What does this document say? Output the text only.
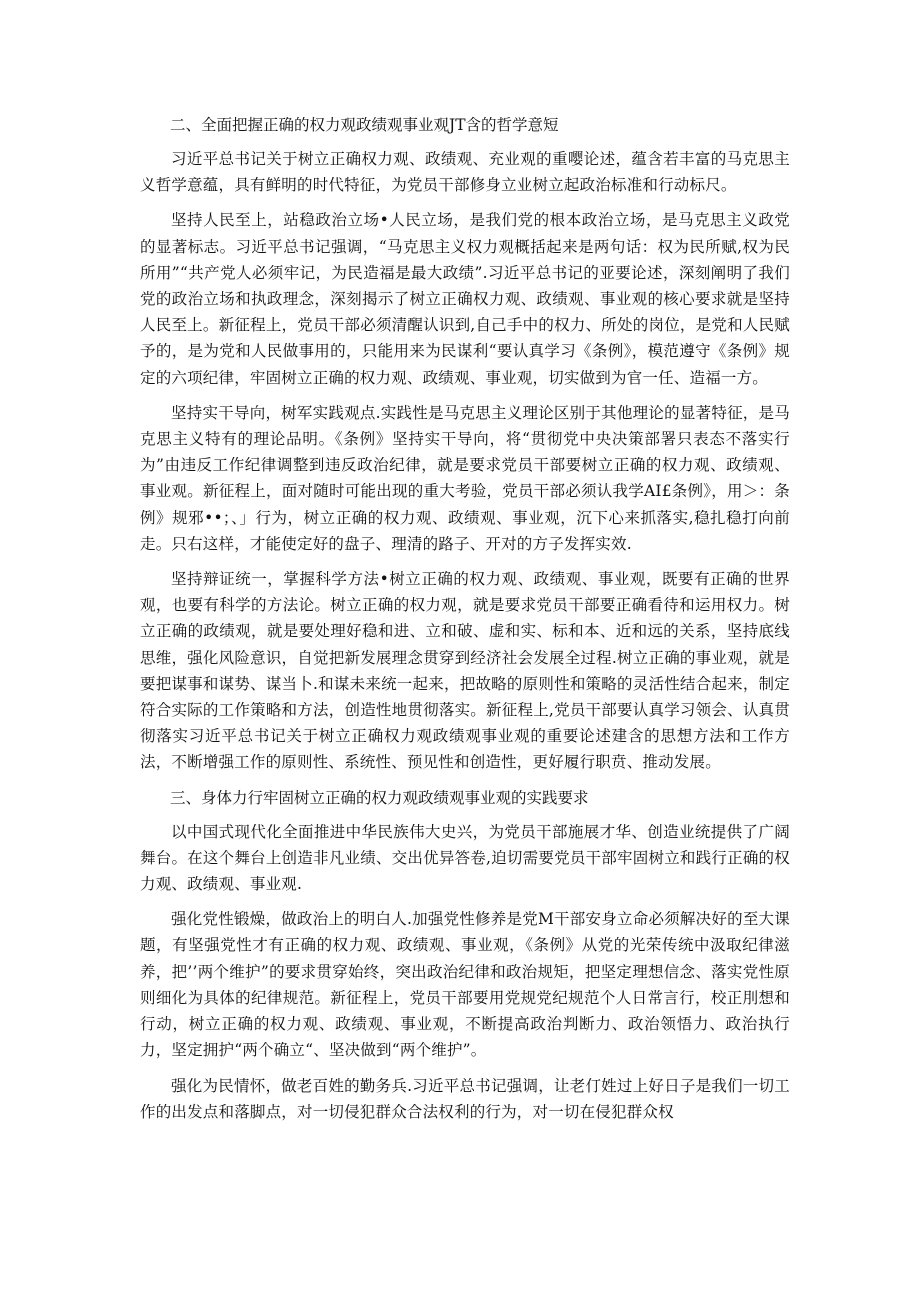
二、全面把握正确的权力观政绩观事业观JT含的哲学意短

习近平总书记关于树立正确权力观、政绩观、充业观的重嘤论述，蕴含若丰富的马克思主义哲学意蕴，具有鲜明的时代特征，为党员干部修身立业树立起政治标准和行动标尺。

坚持人民至上，站稳政治立场•人民立场，是我们党的根本政治立场，是马克思主义政党的显著标志。习近平总书记强调，“马克思主义权力观概括起来是两句话：权为民所赋,权为民所用”“共产党人必须牢记，为民造福是最大政绩”.习近平总书记的亚要论述，深刻阐明了我们党的政治立场和执政理念，深刻揭示了树立正确权力观、政绩观、事业观的核心要求就是坚持人民至上。新征程上，党员干部必须清醒认识到,自己手中的权力、所处的岗位，是党和人民赋予的，是为党和人民做事用的，只能用来为民谋利“要认真学习《条例》，模范遵守《条例》规定的六项纪律，牢固树立正确的权力观、政绩观、事业观，切实做到为官一任、造福一方。

坚持实干导向，树军实践观点.实践性是马克思主义理论区别于其他理论的显著特征，是马克思主义特有的理论品明。《条例》坚持实干导向，将“贯彻党中央决策部署只表态不落实行为”由违反工作纪律调整到违反政治纪律，就是要求党员干部要树立正确的权力观、政绩观、事业观。新征程上，面对随时可能出现的重大考验，党员干部必须认我学AI£条例》，用＞：条例》规邪••；、」行为，树立正确的权力观、政绩观、事业观，沉下心来抓落实,稳扎稳打向前走。只右这样，才能使定好的盘子、理清的路子、开对的方子发挥实效.

坚持辩证统一，掌握科学方法•树立正确的权力观、政绩观、事业观，既要有正确的世界观，也要有科学的方法论。树立正确的权力观，就是要求党员干部要正确看待和运用权力。树立正确的政绩观，就是要处理好稳和进、立和破、虚和实、标和本、近和远的关系，坚持底线思维，强化风险意识，自觉把新发展理念贯穿到经济社会发展全过程.树立正确的事业观，就是要把谋事和谋势、谋当卜.和谋未来统一起来，把故略的原则性和策略的灵活性结合起来，制定符合实际的工作策略和方法，创造性地贯彻落实。新征程上,党员干部要认真学习领会、认真贯彻落实习近平总书记关于树立正确权力观政绩观事业观的重要论述建含的思想方法和工作方法，不断增强工作的原则性、系统性、预见性和创造性，更好履行职贲、推动发展。

三、身体力行牢固树立正确的权力观政绩观事业观的实践要求

以中国式现代化全面推进中华民族伟大史兴，为党员干部施展才华、创造业统提供了广阔舞台。在这个舞台上创造非凡业绩、交出优异答卷,迫切需要党员干部牢固树立和践行正确的权力观、政绩观、事业观.

强化党性锻燥，做政治上的明白人.加强党性修养是党M干部安身立命必须解决好的至大课题，有坚强党性才有正确的权力观、政绩观、事业观，《条例》从党的光荣传统中汲取纪律滋养，把’’两个维护”的要求贯穿始终，突出政治纪律和政治规矩，把坚定理想信念、落实党性原则细化为具体的纪律规范。新征程上，党员干部要用党规党纪规范个人日常言行，校正刖想和行动，树立正确的权力观、政绩观、事业观，不断提高政治判断力、政治领悟力、政治执行力，坚定拥护“两个确立“、坚决做到“两个维护”。

强化为民情怀，做老百姓的勤务兵.习近平总书记强调，让老仃姓过上好日子是我们一切工作的出发点和落脚点，对一切侵犯群众合法权利的行为，对一切在侵犯群众权
